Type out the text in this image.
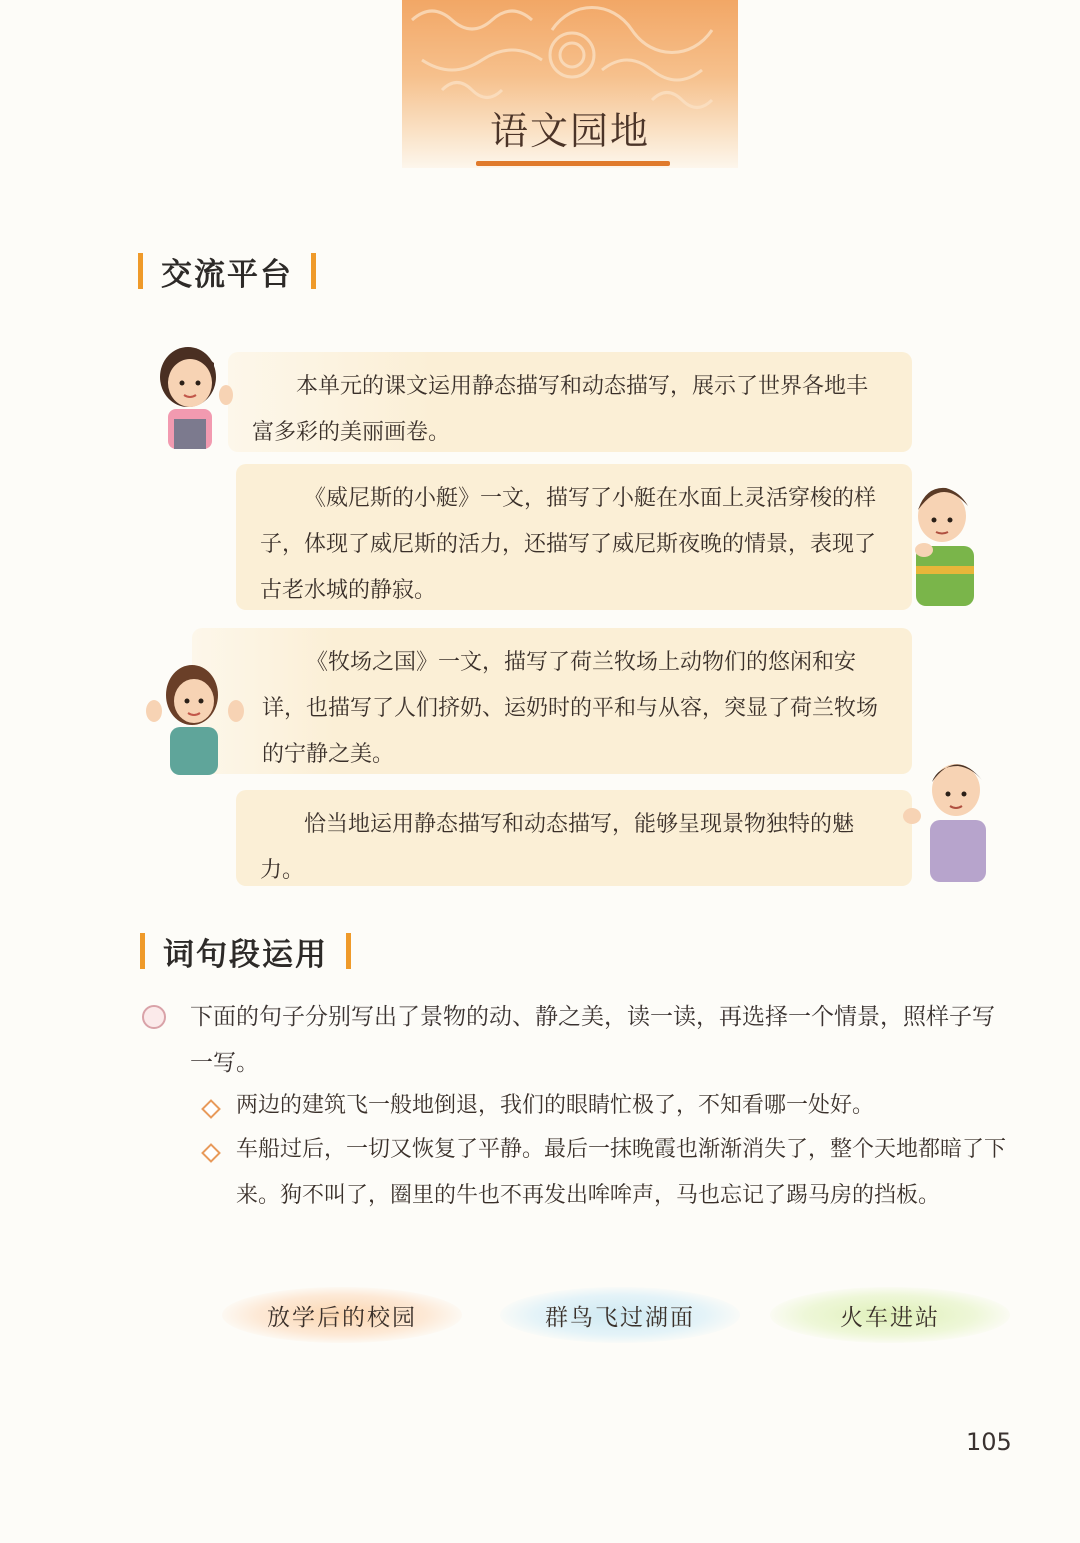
语文园地
交流平台

本单元的课文运用静态描写和动态描写，展示了世界各地丰富多彩的美丽画卷。

《威尼斯的小艇》一文，描写了小艇在水面上灵活穿梭的样子，体现了威尼斯的活力，还描写了威尼斯夜晚的情景，表现了古老水城的静寂。

《牧场之国》一文，描写了荷兰牧场上动物们的悠闲和安详，也描写了人们挤奶、运奶时的平和与从容，突显了荷兰牧场的宁静之美。

恰当地运用静态描写和动态描写，能够呈现景物独特的魅力。

词句段运用
下面的句子分别写出了景物的动、静之美，读一读，再选择一个情景，照样子写一写。
两边的建筑飞一般地倒退，我们的眼睛忙极了，不知看哪一处好。
车船过后，一切又恢复了平静。最后一抹晚霞也渐渐消失了，整个天地都暗了下来。狗不叫了，圈里的牛也不再发出哞哞声，马也忘记了踢马房的挡板。
放学后的校园	群鸟飞过湖面	火车进站
105
